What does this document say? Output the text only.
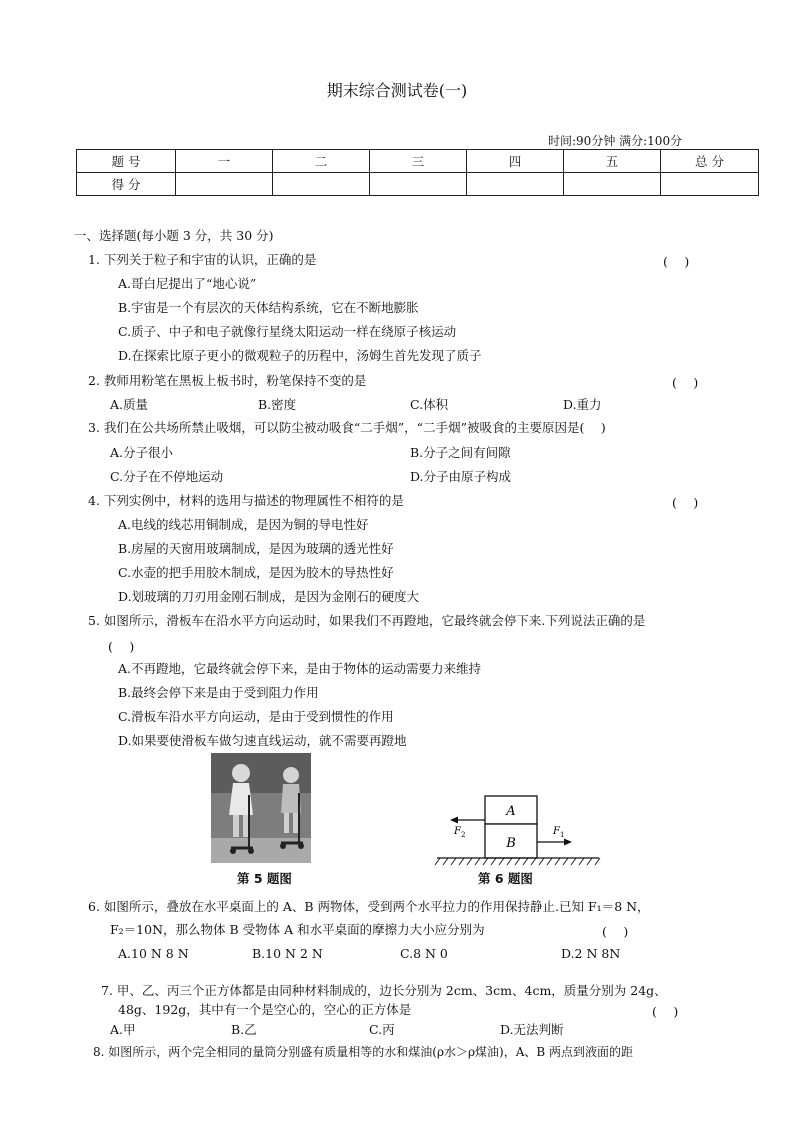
期末综合测试卷(一)
时间:90分钟 满分:100分
题 号	一	二	三	四	五	总 分
得 分						
一、选择题(每小题 3 分，共 30 分)
1. 下列关于粒子和宇宙的认识，正确的是	(　 )
A.哥白尼提出了“地心说”
B.宇宙是一个有层次的天体结构系统，它在不断地膨胀
C.质子、中子和电子就像行星绕太阳运动一样在绕原子核运动
D.在探索比原子更小的微观粒子的历程中，汤姆生首先发现了质子
2. 教师用粉笔在黑板上板书时，粉笔保持不变的是	(　 )
A.质量	B.密度	C.体积	D.重力
3. 我们在公共场所禁止吸烟，可以防尘被动吸食“二手烟”，“二手烟”被吸食的主要原因是(　 )
A.分子很小	B.分子之间有间隙
C.分子在不停地运动	D.分子由原子构成
4. 下列实例中，材料的选用与描述的物理属性不相符的是	(　 )
A.电线的线芯用铜制成，是因为铜的导电性好
B.房屋的天窗用玻璃制成，是因为玻璃的透光性好
C.水壶的把手用胶木制成，是因为胶木的导热性好
D.划玻璃的刀刃用金刚石制成，是因为金刚石的硬度大
5. 如图所示，滑板车在沿水平方向运动时，如果我们不再蹬地，它最终就会停下来.下列说法正确的是
(　 )
A.不再蹬地，它最终就会停下来，是由于物体的运动需要力来维持
B.最终会停下来是由于受到阻力作用
C.滑板车沿水平方向运动，是由于受到惯性的作用
D.如果要使滑板车做匀速直线运动，就不需要再蹬地
第 5 题图
A
B
F 2	F 1
第 6 题图
6. 如图所示，叠放在水平桌面上的 A、B 两物体，受到两个水平拉力的作用保持静止.已知 F₁＝8 N，
F₂＝10N，那么物体 B 受物体 A 和水平桌面的摩擦力大小应分别为	(　 )
A.10 N 8 N	B.10 N 2 N	C.8 N 0	D.2 N 8N
7. 甲、乙、丙三个正方体都是由同种材料制成的，边长分别为 2cm、3cm、4cm，质量分别为 24g、
48g、192g，其中有一个是空心的，空心的正方体是	(　 )
A.甲	B.乙	C.丙	D.无法判断
8. 如图所示，两个完全相同的量筒分别盛有质量相等的水和煤油(ρ水＞ρ煤油)，A、B 两点到液面的距
